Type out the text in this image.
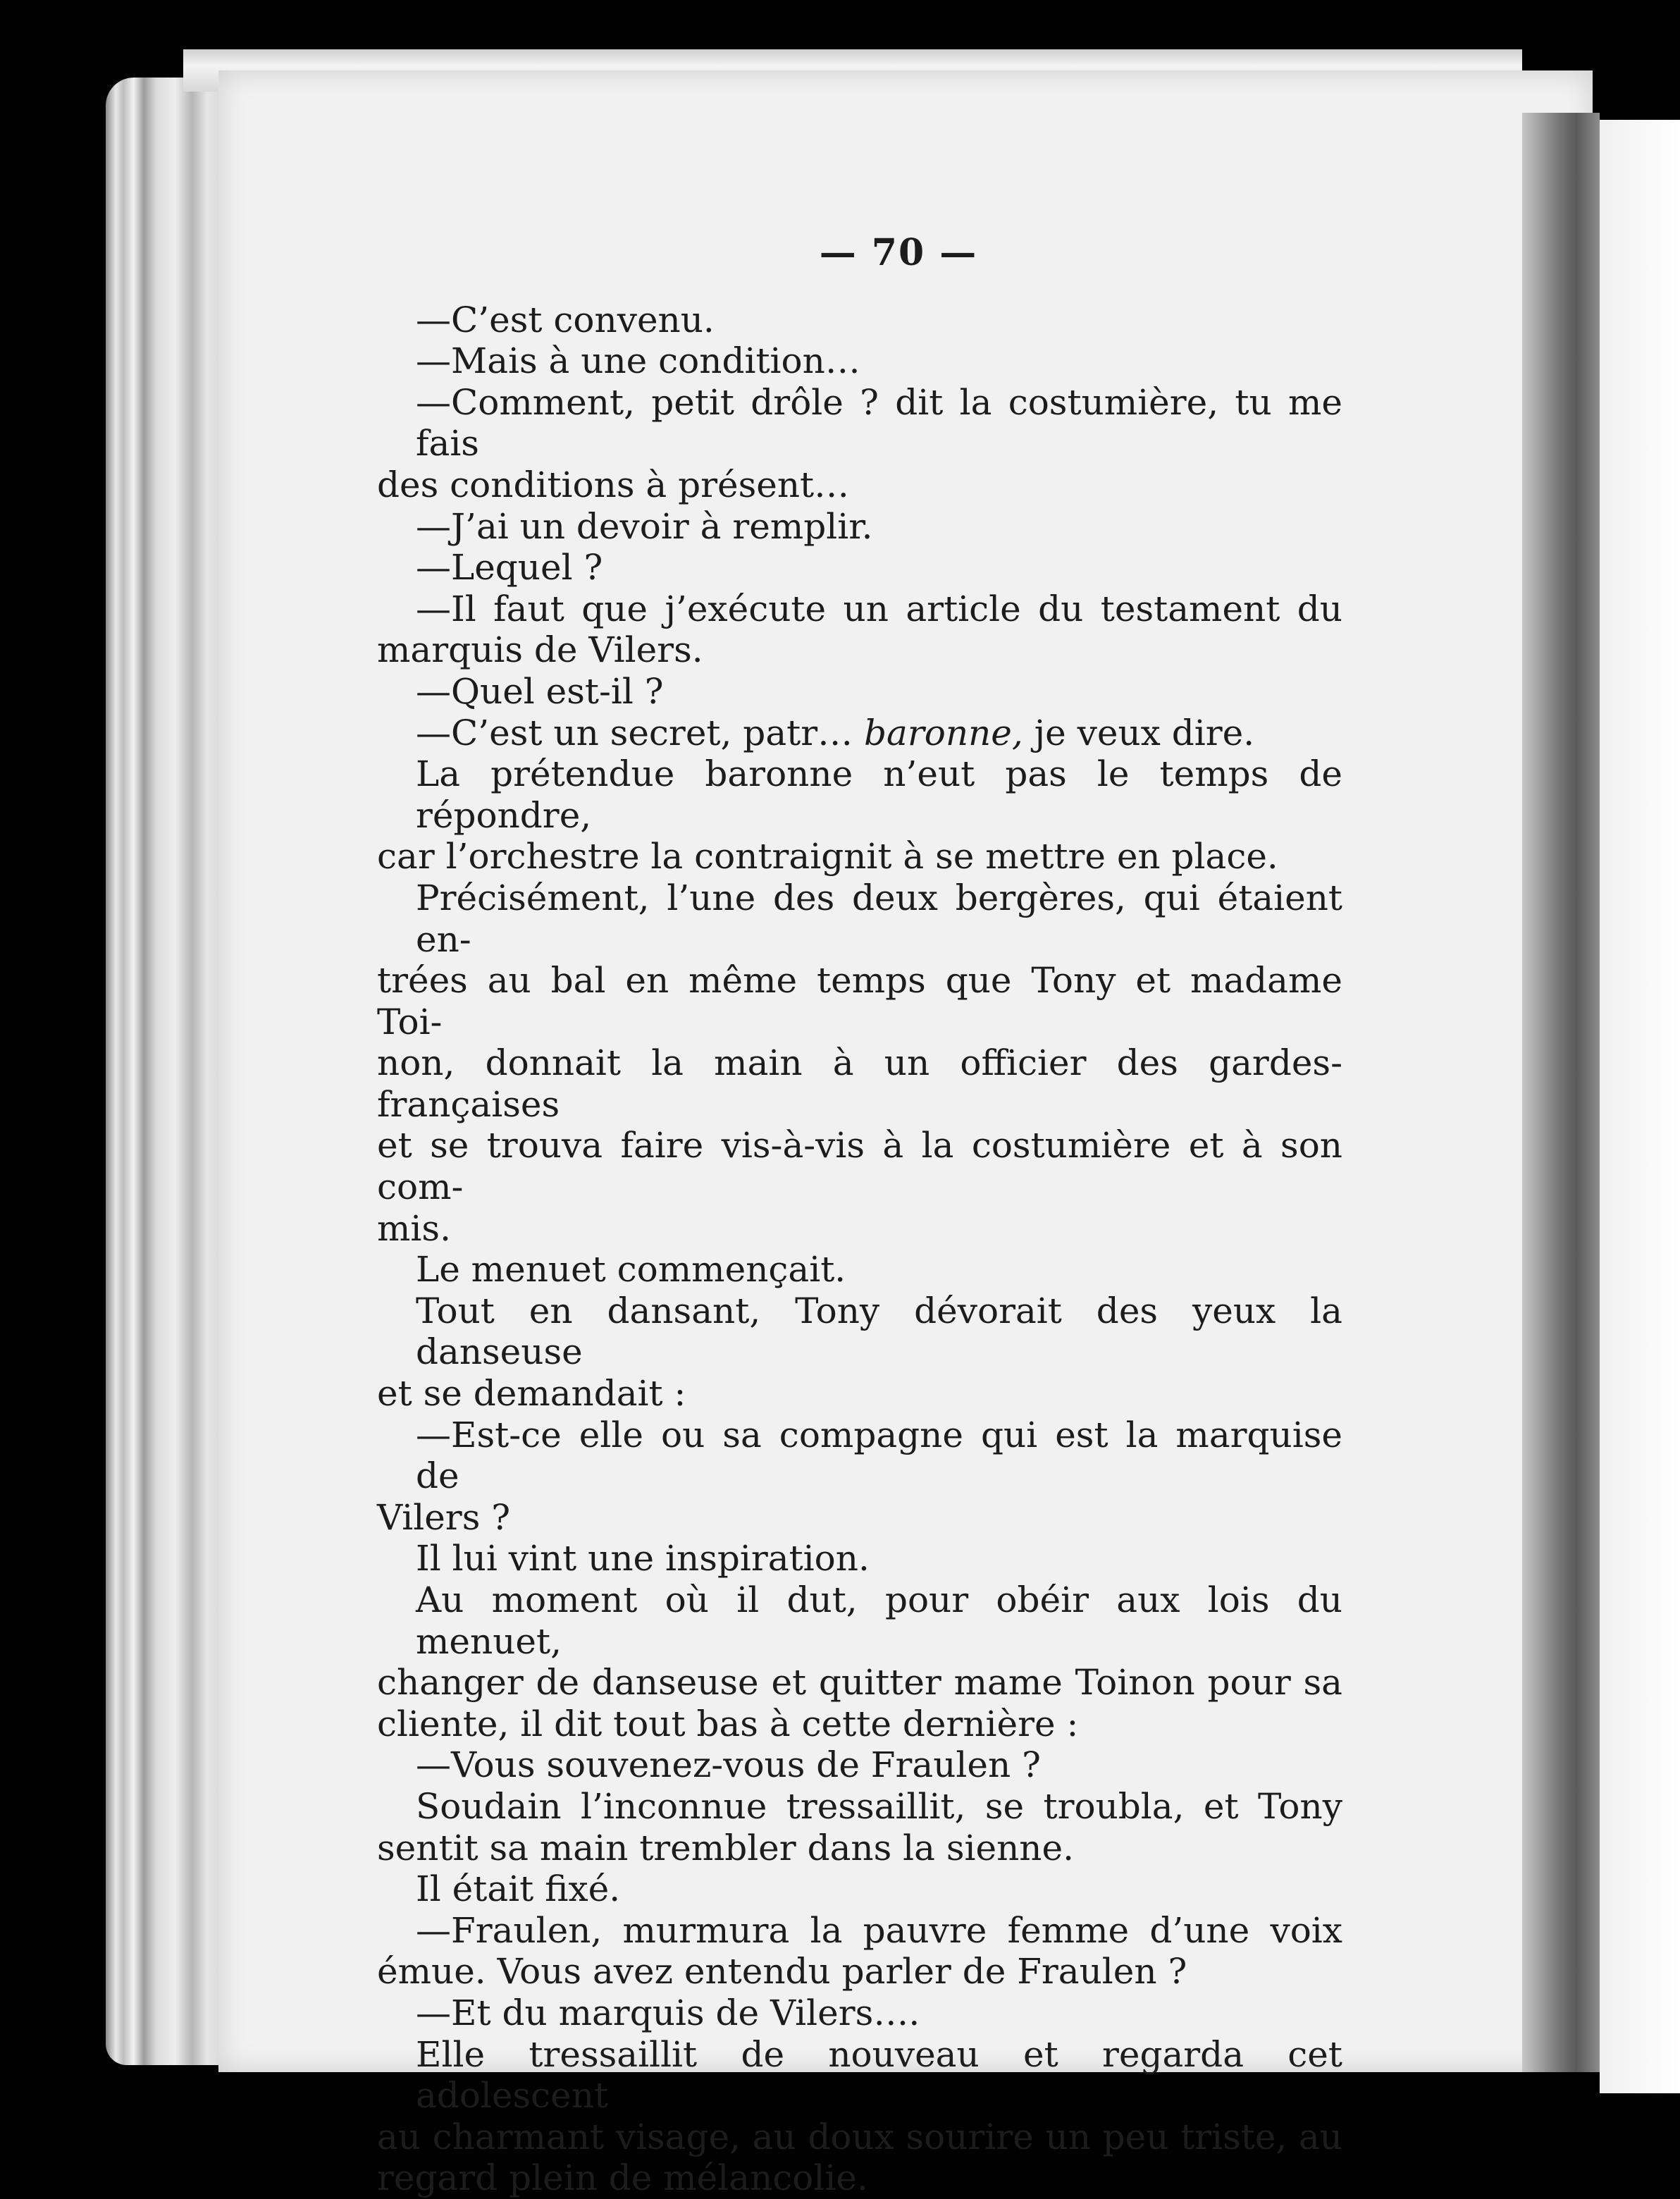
— 70 —
—C’est convenu.
—Mais à une condition…
—Comment, petit drôle ? dit la costumière, tu me fais
des conditions à présent…
—J’ai un devoir à remplir.
—Lequel ?
—Il faut que j’exécute un article du testament du
marquis de Vilers.
—Quel est-il ?
—C’est un secret, patr… baronne, je veux dire.
La prétendue baronne n’eut pas le temps de répondre,
car l’orchestre la contraignit à se mettre en place.
Précisément, l’une des deux bergères, qui étaient en-
trées au bal en même temps que Tony et madame Toi-
non, donnait la main à un officier des gardes-françaises
et se trouva faire vis-à-vis à la costumière et à son com-
mis.
Le menuet commençait.
Tout en dansant, Tony dévorait des yeux la danseuse
et se demandait :
—Est-ce elle ou sa compagne qui est la marquise de
Vilers ?
Il lui vint une inspiration.
Au moment où il dut, pour obéir aux lois du menuet,
changer de danseuse et quitter mame Toinon pour sa
cliente, il dit tout bas à cette dernière :
—Vous souvenez-vous de Fraulen ?
Soudain l’inconnue tressaillit, se troubla, et Tony
sentit sa main trembler dans la sienne.
Il était fixé.
—Fraulen, murmura la pauvre femme d’une voix
émue. Vous avez entendu parler de Fraulen ?
—Et du marquis de Vilers….
Elle tressaillit de nouveau et regarda cet adolescent
au charmant visage, au doux sourire un peu triste, au
regard plein de mélancolie.
